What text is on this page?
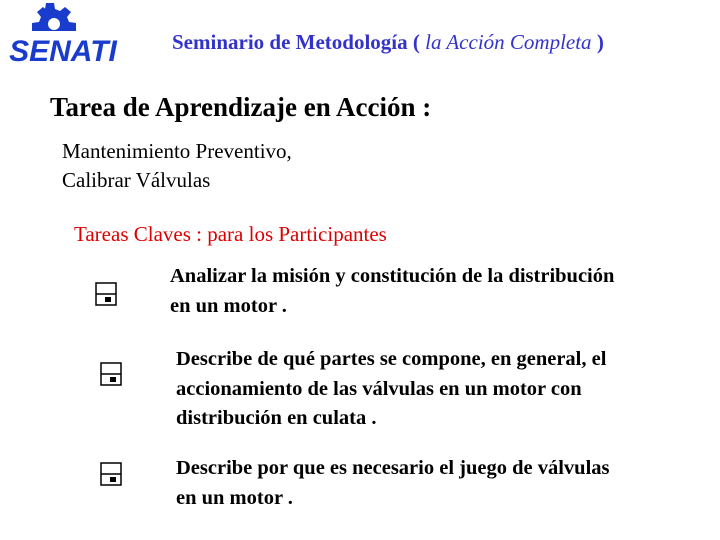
SENATI	Seminario de Metodología ( la Acción Completa )
Tarea de Aprendizaje en Acción :
Mantenimiento Preventivo,
Calibrar Válvulas
Tareas Claves : para los Participantes
Analizar la misión y constitución de la distribución
en un motor .
Describe de qué partes se compone, en general, el
accionamiento de las válvulas en un motor con
distribución en culata .
Describe por que es necesario el juego de válvulas
en un motor .
